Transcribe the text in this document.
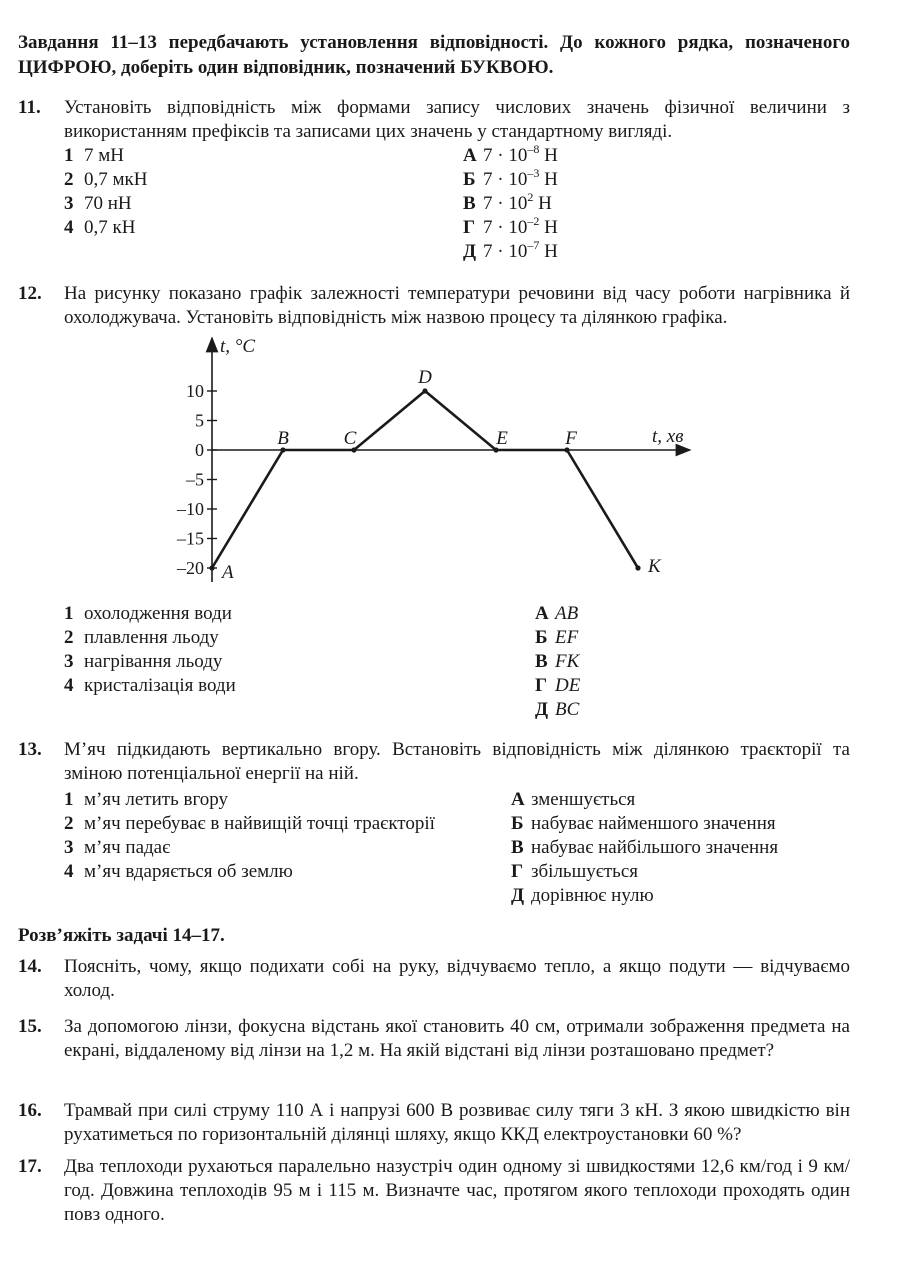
Завдання 11–13 передбачають установлення відповідності. До кожного рядка, позначеного ЦИФРОЮ, доберіть один відповідник, позначений БУКВОЮ.
11. Установіть відповідність між формами запису числових значень фізичної величини з використанням префіксів та записами цих значень у стандартному вигляді.
1 7 мН
2 0,7 мкН
3 70 нН
4 0,7 кН
А $7 \cdot 10^{-8}$ Н
Б $7 \cdot 10^{-3}$ Н
В $7 \cdot 10^2$ Н
Г $7 \cdot 10^{-2}$ Н
Д $7 \cdot 10^{-7}$ Н
12. На рисунку показано графік залежності температури речовини від часу роботи нагрівника й охолоджувача. Установіть відповідність між назвою процесу та ділянкою графіка.
t, °C
t, хв
10
5
0
–5
–10
–15
–20 A
B	C
D
E	F
K
1 охолодження води
2 плавлення льоду
3 нагрівання льоду
4 кристалізація води
А AB
Б EF
В FK
Г DE
Д BC
13. М’яч підкидають вертикально вгору. Встановіть відповідність між ділянкою траєкторії та зміною потенціальної енергії на ній.
1 м’яч летить вгору
2 м’яч перебуває в найвищій точці траєкторії
3 м’яч падає
4 м’яч вдаряється об землю
А зменшується
Б набуває найменшого значення
В набуває найбільшого значення
Г збільшується
Д дорівнює нулю
Розв’яжіть задачі 14–17.
14. Поясніть, чому, якщо подихати собі на руку, відчуваємо тепло, а якщо подути — відчуваємо холод.
15. За допомогою лінзи, фокусна відстань якої становить 40 см, отримали зображення предмета на екрані, віддаленому від лінзи на 1,2 м. На якій відстані від лінзи розташовано предмет?
16. Трамвай при силі струму 110 А і напрузі 600 В розвиває силу тяги 3 кН. З якою швидкістю він рухатиметься по горизонтальній ділянці шляху, якщо ККД електроустановки 60 %?
17. Два теплоходи рухаються паралельно назустріч один одному зі швидкостями 12,6 км/год і 9 км/год. Довжина теплоходів 95 м і 115 м. Визначте час, протягом якого теплоходи проходять один повз одного.
